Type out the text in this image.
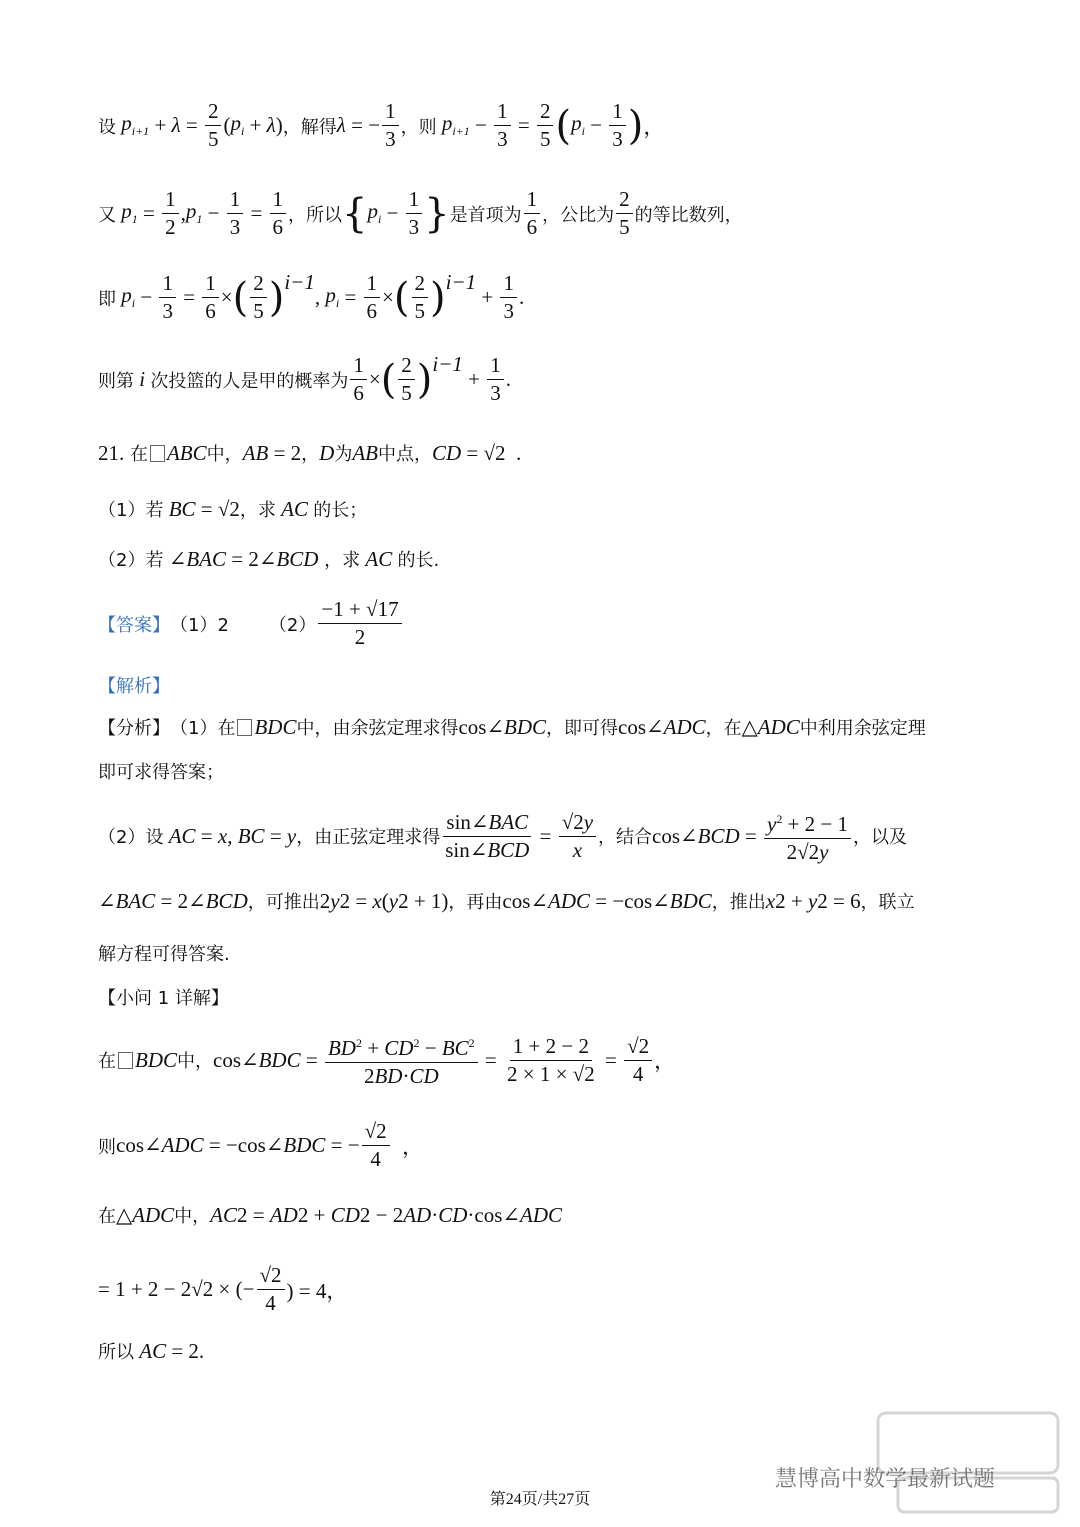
设 $p_{i+1} + \lambda = \frac{2}{5}$ ( $p_i + \lambda$ ) ，解得 λ = − $\frac{1}{3}$ ，则 $p_{i+1} - \frac{1}{3} = \frac{2}{5}$ ( $p_i - \frac{1}{3}$ ) ，
又 $p_1 = \frac{1}{2}$ , $p_1 - \frac{1}{3} = \frac{1}{6}$ ，所以 { $p_i - \frac{1}{3}$ } 是首项为 $\frac{1}{6}$ ，公比为 $\frac{2}{5}$ 的等比数列，
即 $p_i - \frac{1}{3} = \frac{1}{6}$ × ( $\frac{2}{5}$ ) i−1
, $p_i = \frac{1}{6}$ × ( $\frac{2}{5}$ ) i−1
+ $\frac{1}{3}$ .
则第
i
次投篮的人是甲的概率为 $\frac{1}{6}$ × ( $\frac{2}{5}$ ) i−1
+ $\frac{1}{3}$ .
21.
在 ABC 中， AB = 2 ， D 为 AB 中点， CD = √2  .
（1）若 BC = √2 ，求 AC 的长；
（2）若 ∠ BAC = 2∠ BCD
，求 AC 的长.
【答案】 （1）2 $(2) \frac{-1 + √17}{2}$
【解析】
【分析】 （1）在 BDC 中，由余弦定理求得 cos∠ BDC ，即可得 cos∠ ADC ，在 △ ADC 中利用余弦定理
即可求得答案；
（2）设 AC = x , BC = y ，由正弦定理求得 $\frac{\text{sin∠BAC}}{\text{sin∠BCD}} = \frac{√2y}{x}$ ，结合 cos∠ BCD = $\frac{y^2 + 2 - 1}{2√2y}$ ，以及
∠ BAC = 2∠ BCD ，可推出 2 y 2 = x ( y 2 + 1) ，再由 cos∠ ADC = −cos∠ BDC ，推出 x 2 + y 2 = 6 ，联立
解方程可得答案.
【小问 1 详解】
在 BDC 中， cos∠ BDC = $\frac{BD^2 + CD^2 - BC^2}{2BD\cdot CD} = \frac{1 + 2 - 2}{2 \times 1 \times √2} = \frac{√2}{4}$ ，
则 cos∠ ADC = −cos∠ BDC = − $\frac{√2}{4}$ ，
在 △ ADC 中， AC 2 = AD 2 + CD 2 − 2 AD · CD ·cos∠ ADC
= 1 + 2 − 2√2 × (− $\frac{√2}{4}$ ) = 4，
所以 AC = 2.
慧博高中数学最新试题
第24页/共27页
